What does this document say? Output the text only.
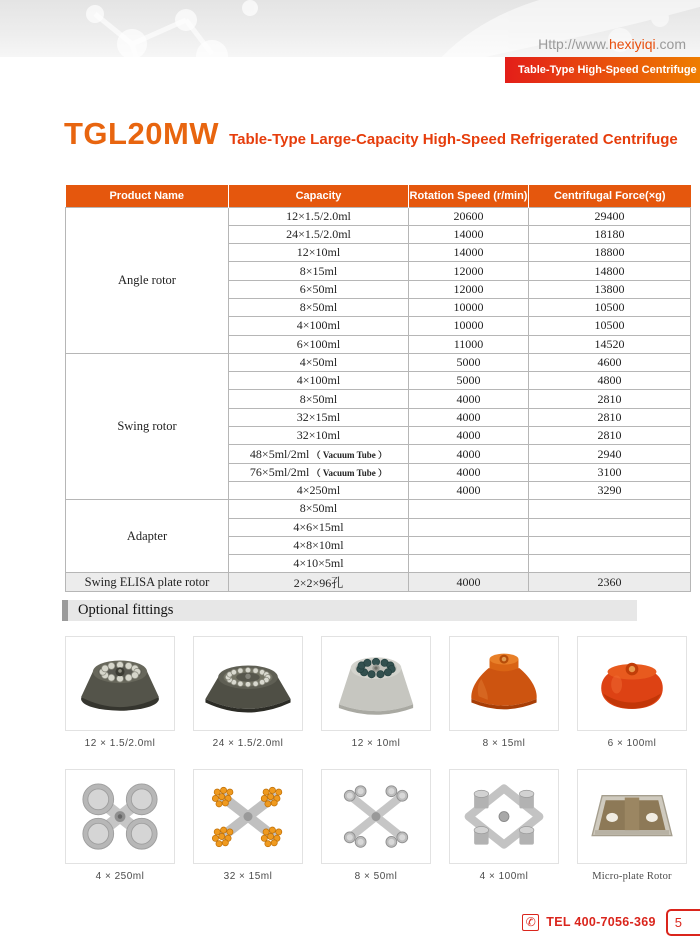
Http://www.hexiyiqi.com
Table-Type High-Speed Centrifuge
TGL20MW Table-Type Large-Capacity High-Speed Refrigerated Centrifuge
Product Name	Capacity	Rotation Speed (r/min)	Centrifugal Force(×g)
Angle rotor	12×1.5/2.0ml	20600	29400
	24×1.5/2.0ml	14000	18180
	12×10ml	14000	18800
	8×15ml	12000	14800
	6×50ml	12000	13800
	8×50ml	10000	10500
	4×100ml	10000	10500
	6×100ml	11000	14520
Swing rotor	4×50ml	5000	4600
	4×100ml	5000	4800
	8×50ml	4000	2810
	32×15ml	4000	2810
	32×10ml	4000	2810
	48×5ml/2ml （ Vacuum Tube ）	4000	2940
	76×5ml/2ml （ Vacuum Tube ）	4000	3100
	4×250ml	4000	3290
Adapter	8×50ml		
	4×6×15ml		
	4×8×10ml		
	4×10×5ml		
Swing ELISA plate rotor	2×2×96孔	4000	2360
Optional fittings
12 × 1.5/2.0ml	24 × 1.5/2.0ml	12 × 10ml	8 × 15ml	6 × 100ml
4 × 250ml	32 × 15ml	8 × 50ml	4 × 100ml	Micro-plate Rotor
✆ TEL 400-7056-369	5
